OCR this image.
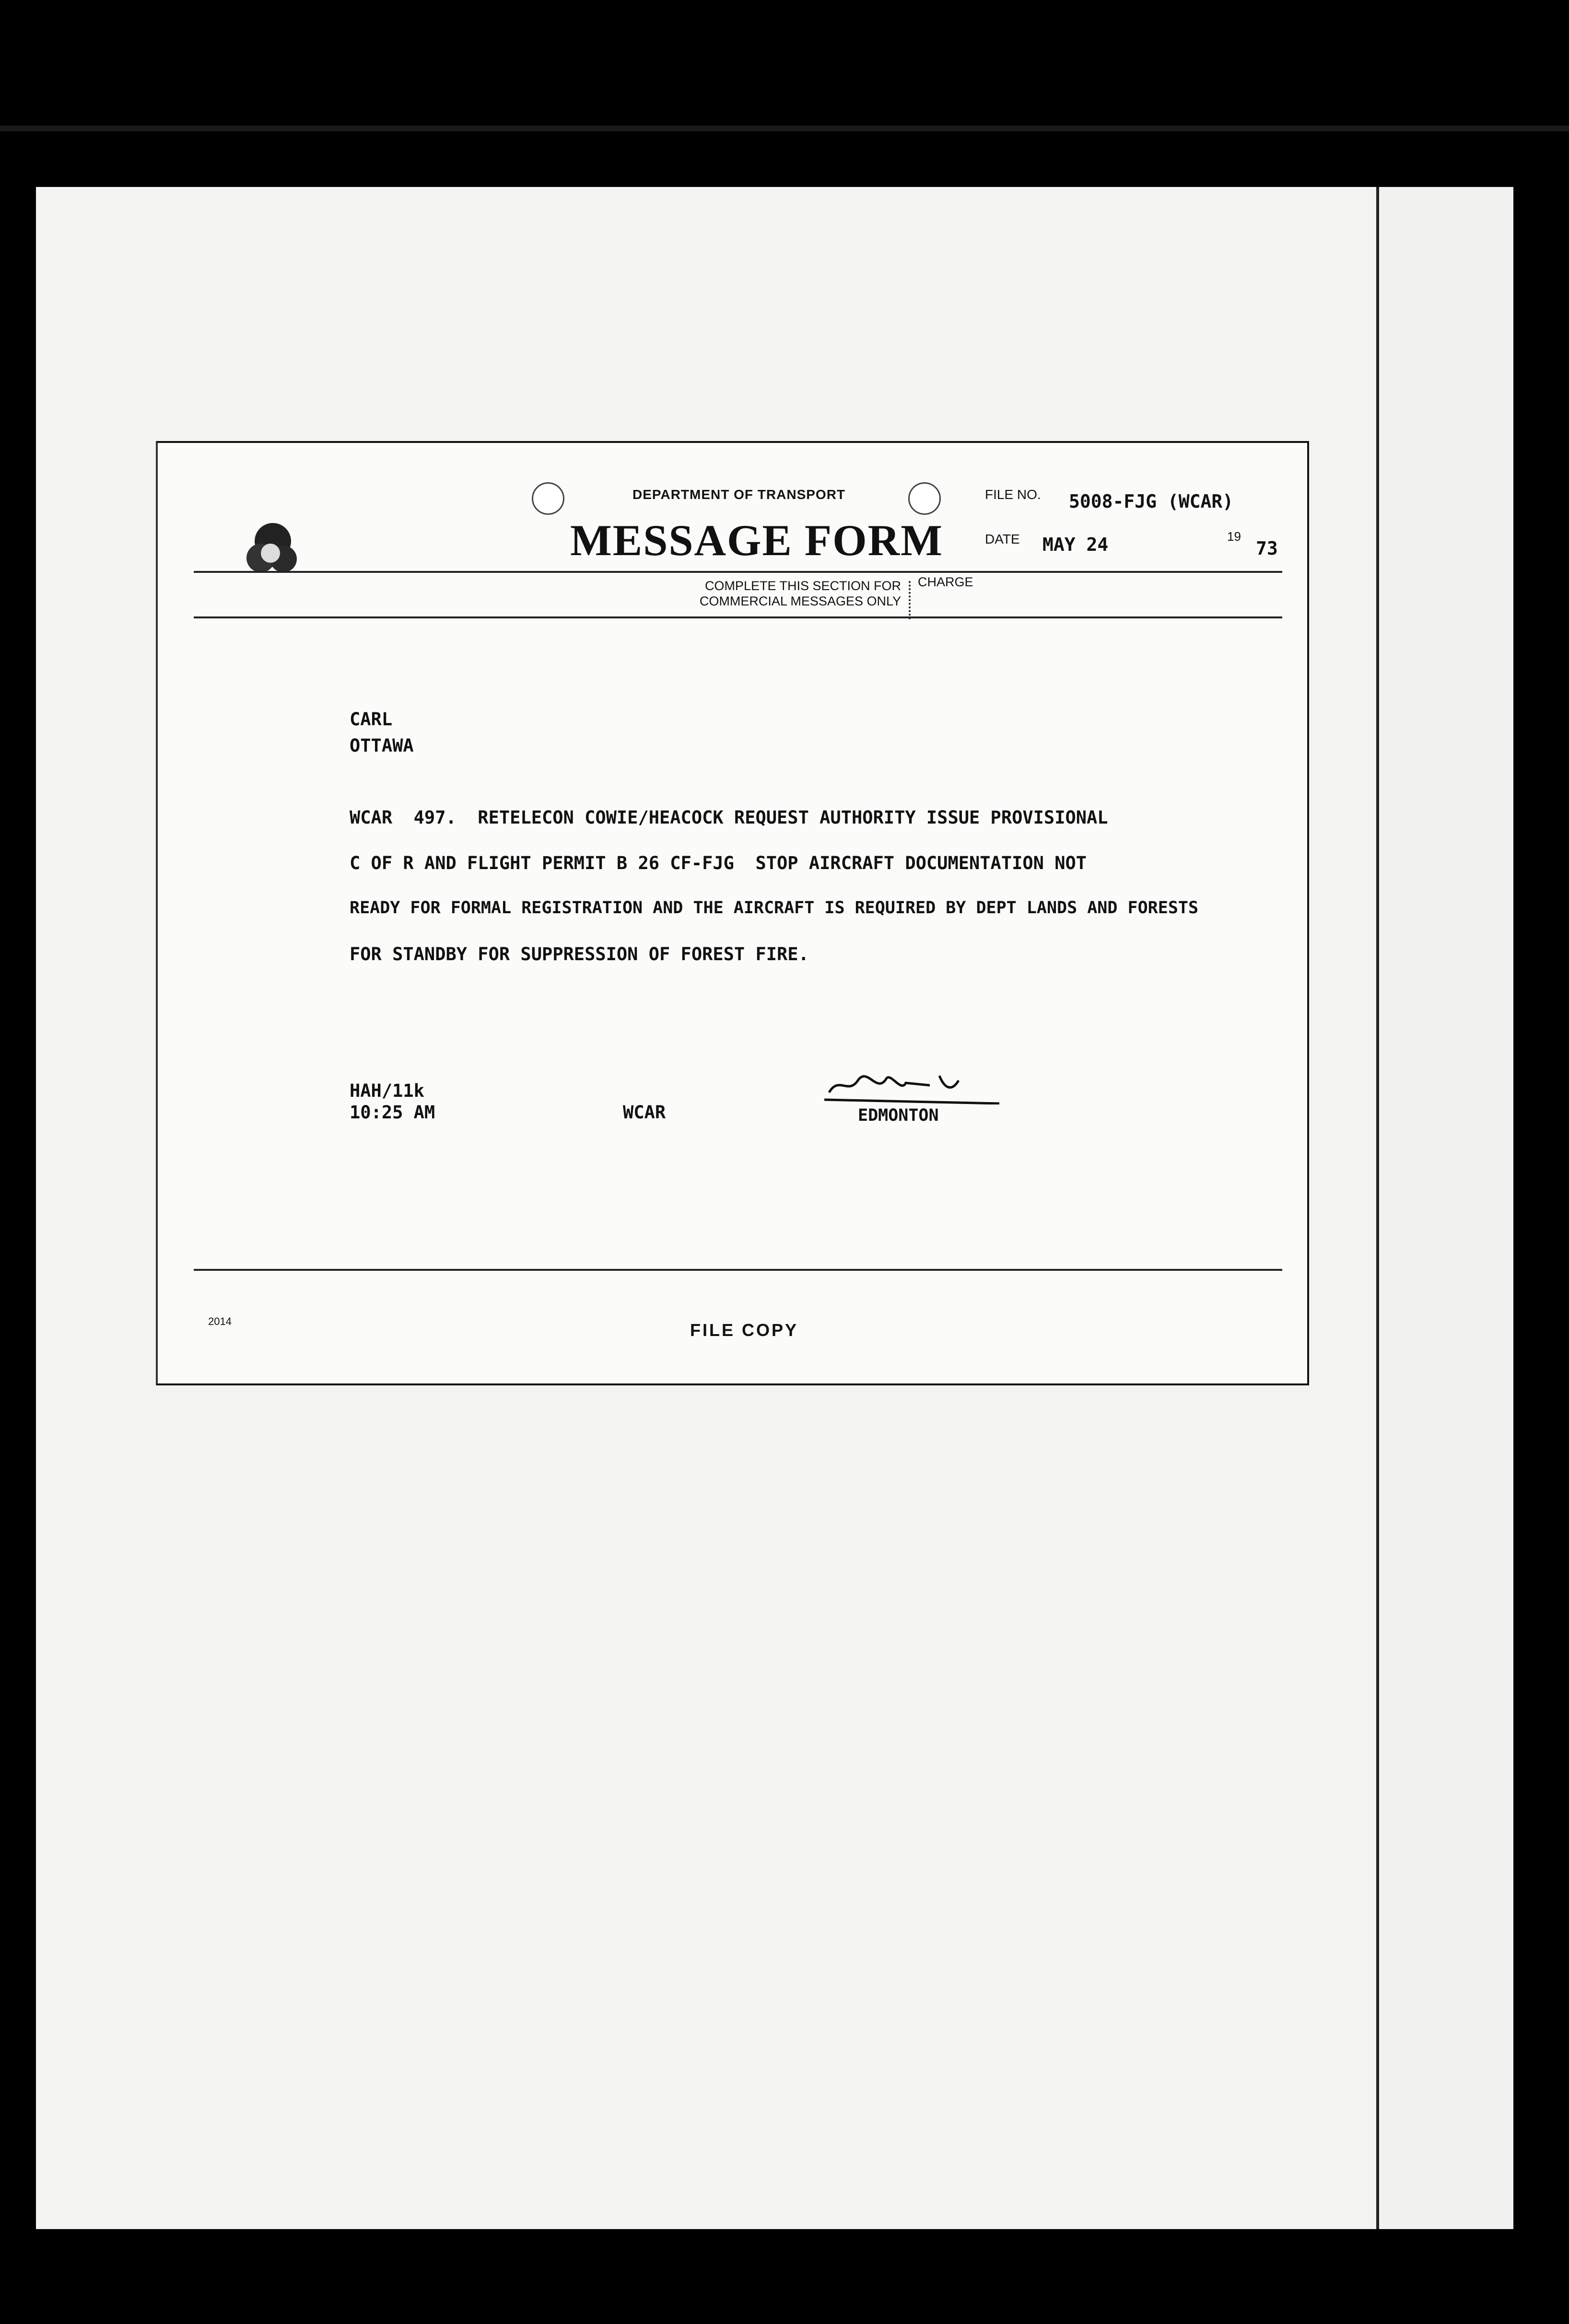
DEPARTMENT OF TRANSPORT
MESSAGE FORM
FILE NO. 5008-FJG (WCAR)
DATE MAY 24	19
73
COMPLETE THIS SECTION FOR
COMMERCIAL MESSAGES ONLY
CHARGE
CARL
OTTAWA
WCAR  497.  RETELECON COWIE/HEACOCK REQUEST AUTHORITY ISSUE PROVISIONAL
C OF R AND FLIGHT PERMIT B 26 CF-FJG  STOP AIRCRAFT DOCUMENTATION NOT
READY FOR FORMAL REGISTRATION AND THE AIRCRAFT IS REQUIRED BY DEPT LANDS AND FORESTS
FOR STANDBY FOR SUPPRESSION OF FOREST FIRE.
HAH/11k
10:25 AM	WCAR	EDMONTON
2014	FILE COPY
